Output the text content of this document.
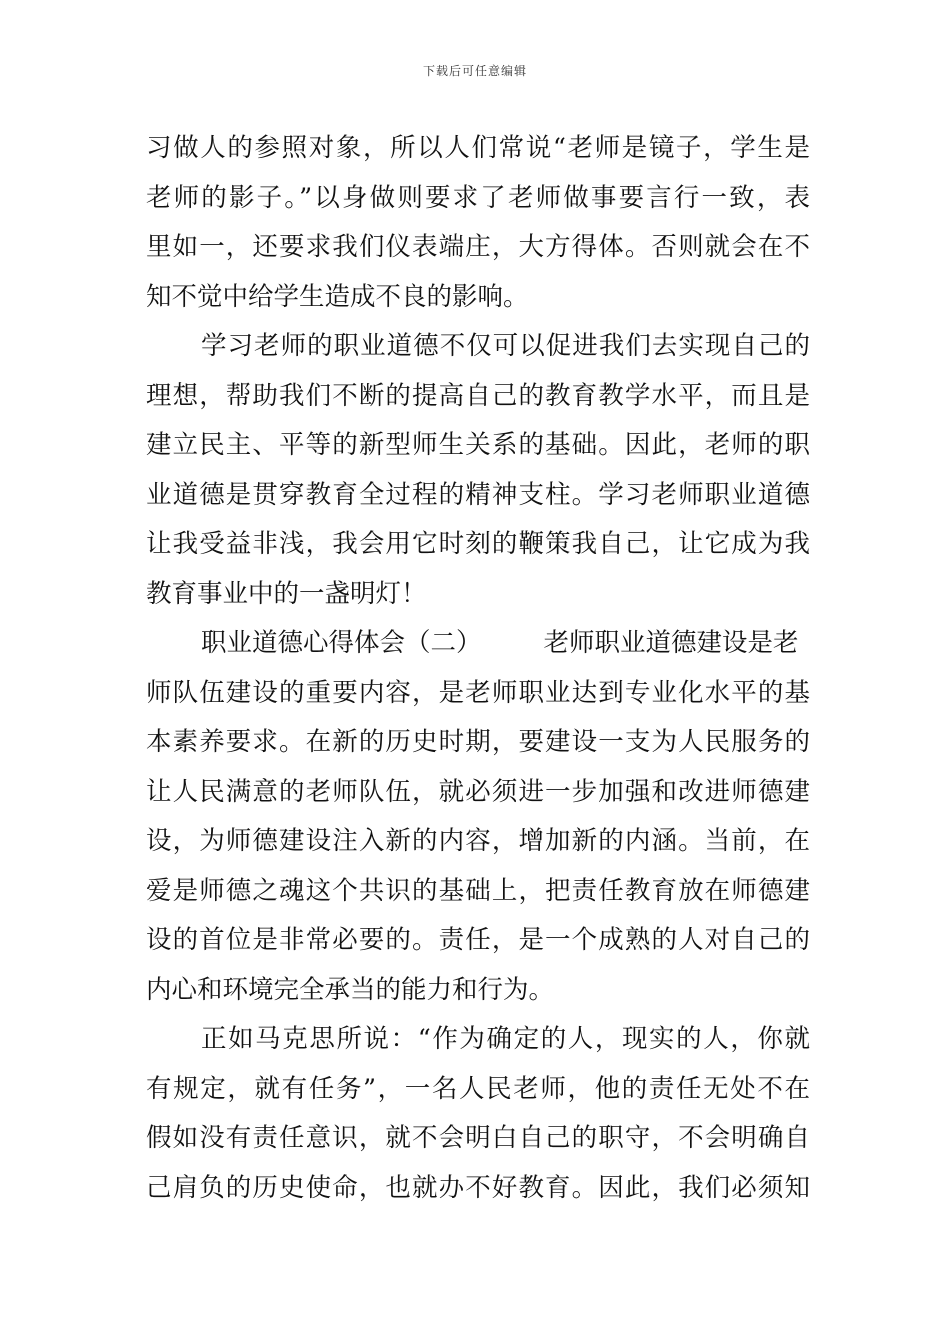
下载后可任意编辑
习做人的参照对象，所以人们常说“老师是镜子，学生是
老师的影子。”以身做则要求了老师做事要言行一致，表
里如一，还要求我们仪表端庄，大方得体。否则就会在不
知不觉中给学生造成不良的影响。
学习老师的职业道德不仅可以促进我们去实现自己的
理想，帮助我们不断的提高自己的教育教学水平，而且是
建立民主、平等的新型师生关系的基础。因此，老师的职
业道德是贯穿教育全过程的精神支柱。学习老师职业道德
让我受益非浅，我会用它时刻的鞭策我自己，让它成为我
教育事业中的一盏明灯！
职业道德心得体会（二） 老师职业道德建设是老
师队伍建设的重要内容，是老师职业达到专业化水平的基
本素养要求。在新的历史时期，要建设一支为人民服务的
让人民满意的老师队伍，就必须进一步加强和改进师德建
设，为师德建设注入新的内容，增加新的内涵。当前，在
爱是师德之魂这个共识的基础上，把责任教育放在师德建
设的首位是非常必要的。责任，是一个成熟的人对自己的
内心和环境完全承当的能力和行为。
正如马克思所说：“作为确定的人，现实的人，你就
有规定，就有任务”，一名人民老师，他的责任无处不在
假如没有责任意识，就不会明白自己的职守，不会明确自
己肩负的历史使命，也就办不好教育。因此，我们必须知
